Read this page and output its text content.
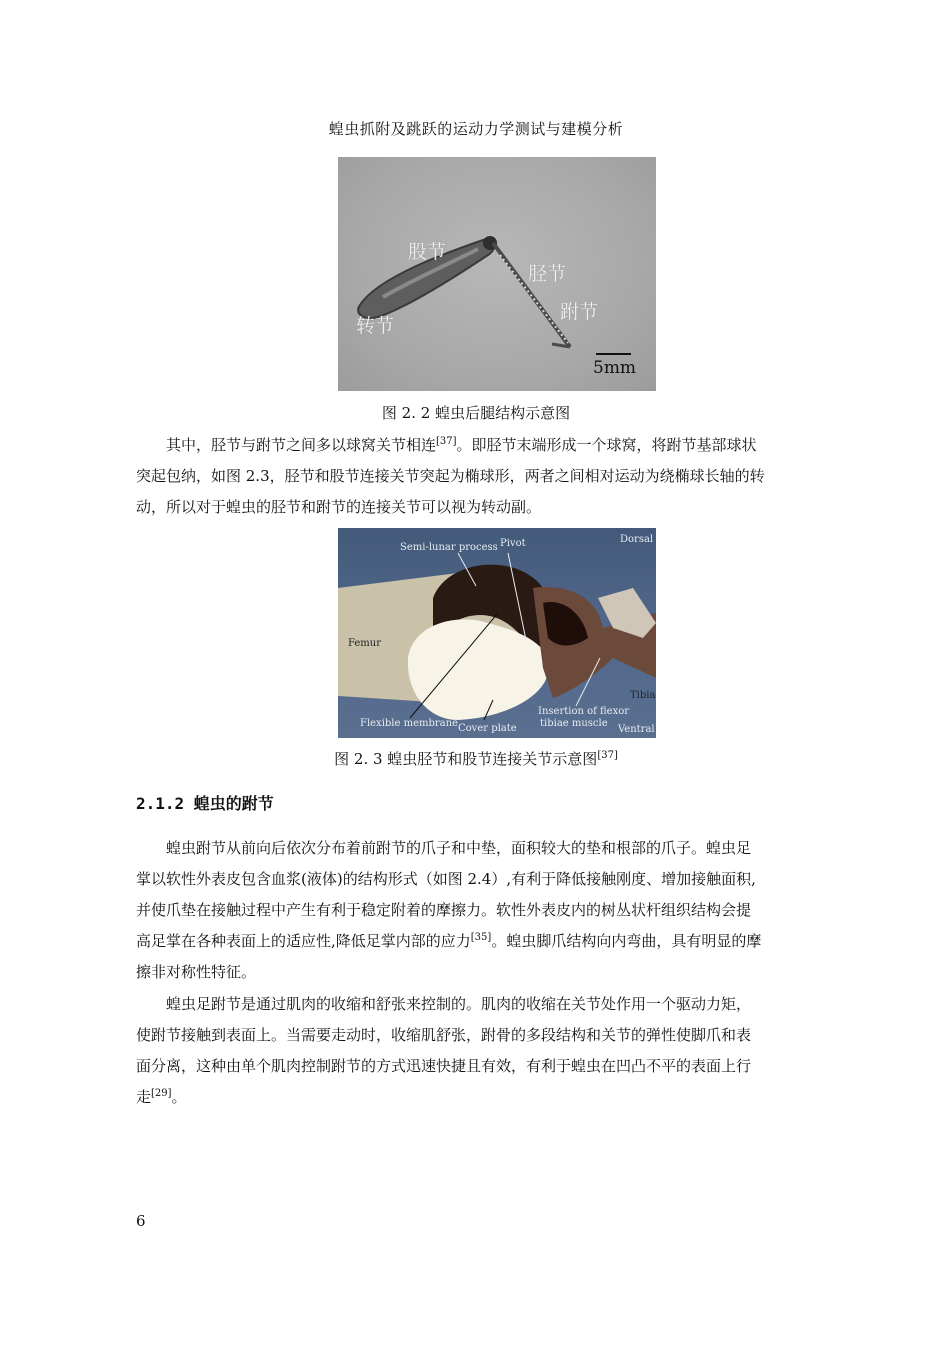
蝗虫抓附及跳跃的运动力学测试与建模分析
股节
胫节
转节
跗节
5mm
图 2. 2 蝗虫后腿结构示意图
其中，胫节与跗节之间多以球窝关节相连[37]。即胫节末端形成一个球窝，将跗节基部球状
突起包纳，如图 2.3，胫节和股节连接关节突起为椭球形，两者之间相对运动为绕椭球长轴的转
动，所以对于蝗虫的胫节和跗节的连接关节可以视为转动副。
Semi-lunar process Pivot	Dorsal
Femur
Tibia
Insertion of flexor
tibiae muscle
Flexible membrane Cover plate	Ventral
图 2. 3 蝗虫胫节和股节连接关节示意图[37]
2.1.2 蝗虫的跗节
蝗虫跗节从前向后依次分布着前跗节的爪子和中垫，面积较大的垫和根部的爪子。蝗虫足
掌以软性外表皮包含血浆(液体)的结构形式（如图 2.4）,有利于降低接触刚度、增加接触面积,
并使爪垫在接触过程中产生有利于稳定附着的摩擦力。软性外表皮内的树丛状杆组织结构会提
高足掌在各种表面上的适应性,降低足掌内部的应力[35]。蝗虫脚爪结构向内弯曲，具有明显的摩
擦非对称性特征。
蝗虫足跗节是通过肌肉的收缩和舒张来控制的。肌肉的收缩在关节处作用一个驱动力矩，
使跗节接触到表面上。当需要走动时，收缩肌舒张，跗骨的多段结构和关节的弹性使脚爪和表
面分离，这种由单个肌肉控制跗节的方式迅速快捷且有效，有利于蝗虫在凹凸不平的表面上行
走[29]。
6
